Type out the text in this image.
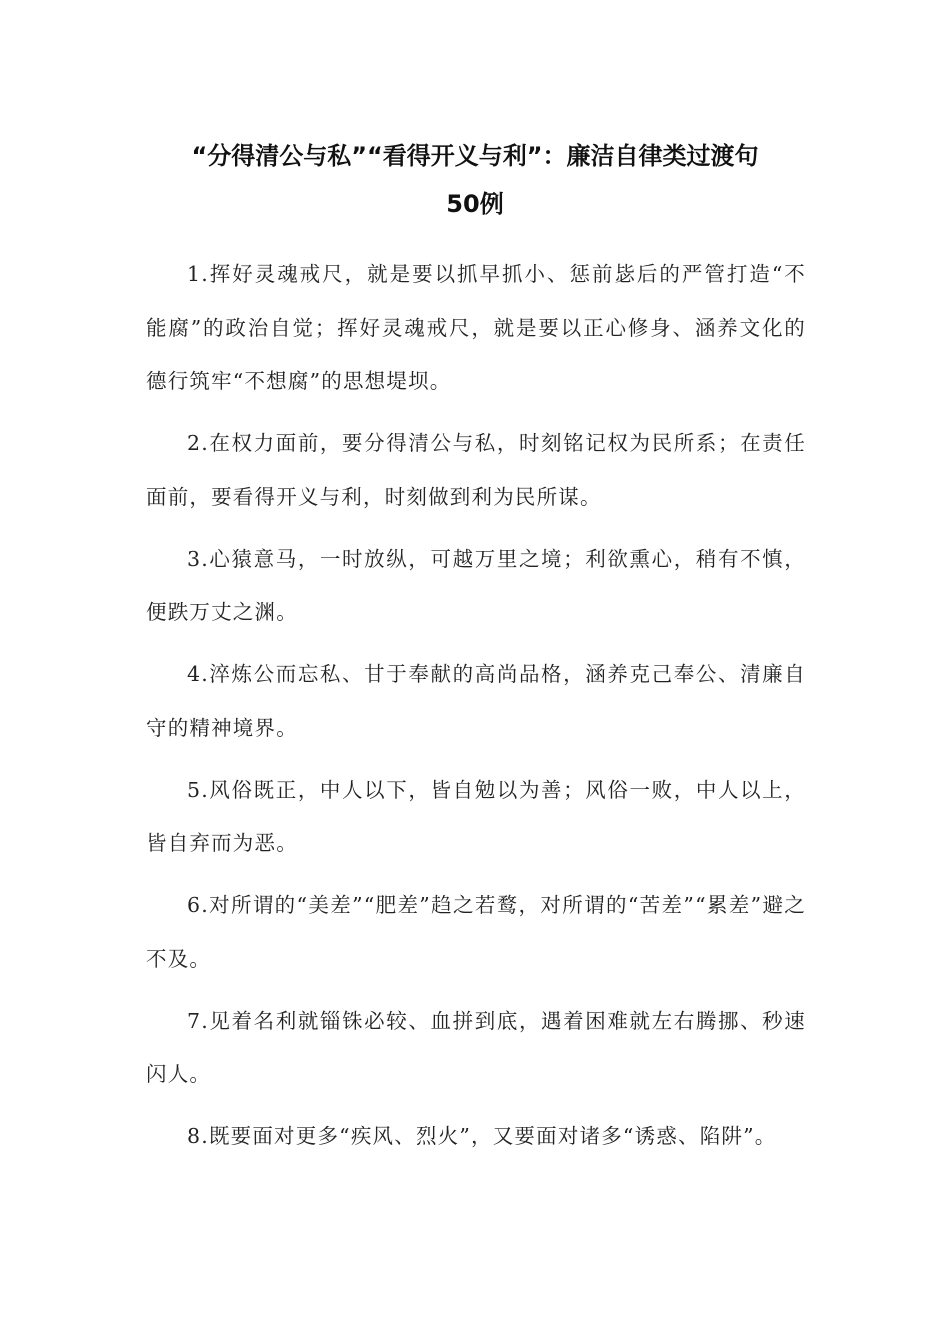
“分得清公与私”“看得开义与利”：廉洁自律类过渡句
50例

1.挥好灵魂戒尺，就是要以抓早抓小、惩前毖后的严管打造“不能腐”的政治自觉；挥好灵魂戒尺，就是要以正心修身、涵养文化的德行筑牢“不想腐”的思想堤坝。

2.在权力面前，要分得清公与私，时刻铭记权为民所系；在责任面前，要看得开义与利，时刻做到利为民所谋。

3.心猿意马，一时放纵，可越万里之境；利欲熏心，稍有不慎，便跌万丈之渊。

4.淬炼公而忘私、甘于奉献的高尚品格，涵养克己奉公、清廉自守的精神境界。

5.风俗既正，中人以下，皆自勉以为善；风俗一败，中人以上，皆自弃而为恶。

6.对所谓的“美差”“肥差”趋之若鹜，对所谓的“苦差”“累差”避之不及。

7.见着名利就锱铢必较、血拼到底，遇着困难就左右腾挪、秒速闪人。

8.既要面对更多“疾风、烈火”，又要面对诸多“诱惑、陷阱”。
